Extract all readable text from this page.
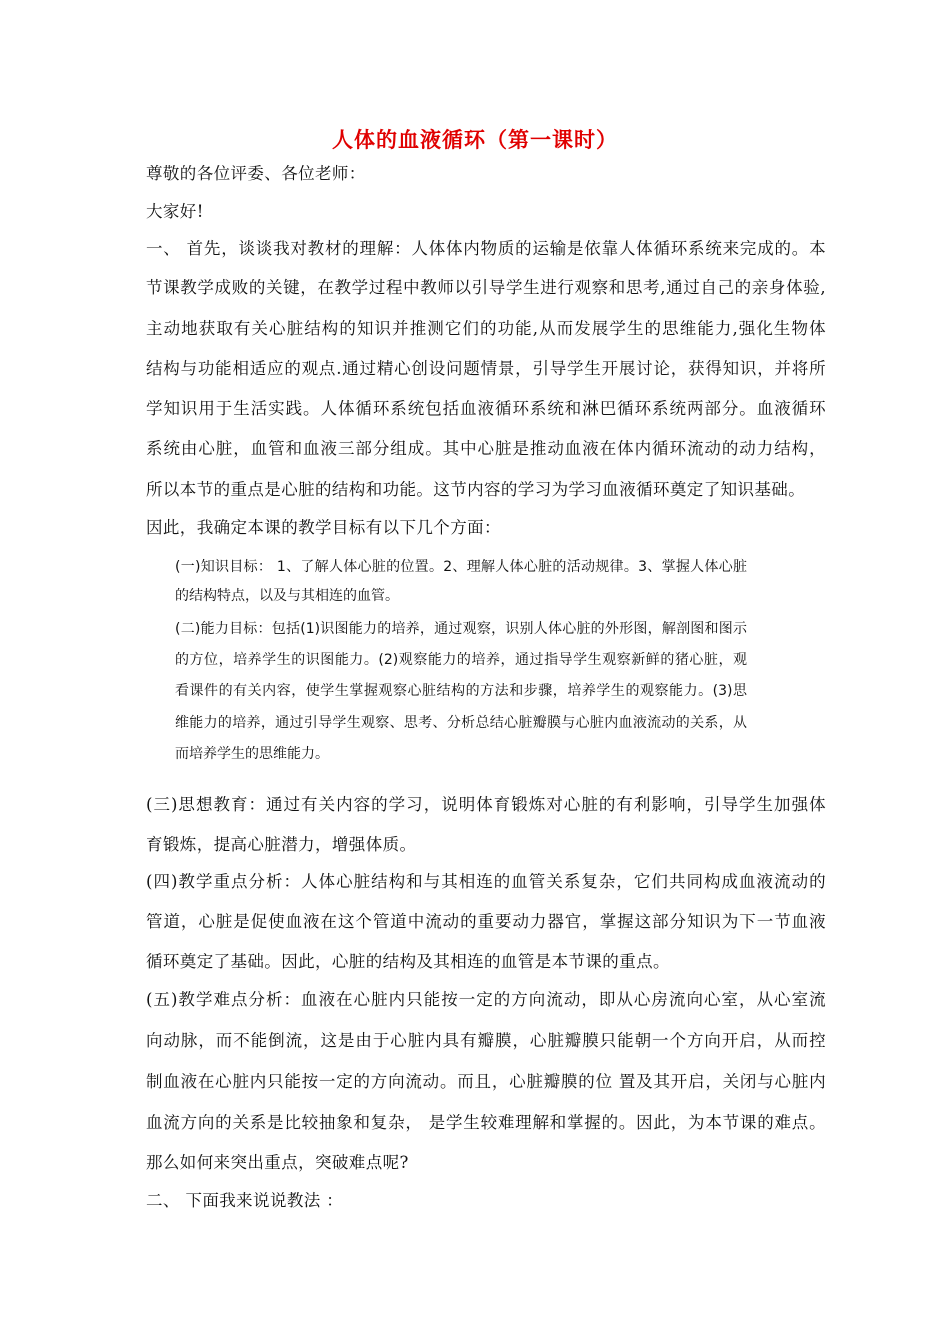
人体的血液循环（第一课时）
尊敬的各位评委、各位老师：
大家好!
一、 首先，谈谈我对教材的理解：人体体内物质的运输是依靠人体循环系统来完成的。本
节课教学成败的关键，在教学过程中教师以引导学生进行观察和思考,通过自己的亲身体验,
主动地获取有关心脏结构的知识并推测它们的功能,从而发展学生的思维能力,强化生物体
结构与功能相适应的观点.通过精心创设问题情景，引导学生开展讨论，获得知识，并将所
学知识用于生活实践。人体循环系统包括血液循环系统和淋巴循环系统两部分。血液循环
系统由心脏，血管和血液三部分组成。其中心脏是推动血液在体内循环流动的动力结构，
所以本节的重点是心脏的结构和功能。这节内容的学习为学习血液循环奠定了知识基础。
因此，我确定本课的教学目标有以下几个方面：
(一)知识目标： 1、了解人体心脏的位置。2、理解人体心脏的活动规律。3、掌握人体心脏
的结构特点，以及与其相连的血管。
(二)能力目标：包括(1)识图能力的培养，通过观察，识别人体心脏的外形图，解剖图和图示
的方位，培养学生的识图能力。(2)观察能力的培养，通过指导学生观察新鲜的猪心脏，观
看课件的有关内容，使学生掌握观察心脏结构的方法和步骤，培养学生的观察能力。(3)思
维能力的培养，通过引导学生观察、思考、分析总结心脏瓣膜与心脏内血液流动的关系，从
而培养学生的思维能力。
(三)思想教育：通过有关内容的学习，说明体育锻炼对心脏的有利影响，引导学生加强体
育锻炼，提高心脏潜力，增强体质。
(四)教学重点分析：人体心脏结构和与其相连的血管关系复杂，它们共同构成血液流动的
管道，心脏是促使血液在这个管道中流动的重要动力器官，掌握这部分知识为下一节血液
循环奠定了基础。因此，心脏的结构及其相连的血管是本节课的重点。
(五)教学难点分析：血液在心脏内只能按一定的方向流动，即从心房流向心室，从心室流
向动脉，而不能倒流，这是由于心脏内具有瓣膜，心脏瓣膜只能朝一个方向开启，从而控
制血液在心脏内只能按一定的方向流动。而且，心脏瓣膜的位 置及其开启，关闭与心脏内
血流方向的关系是比较抽象和复杂， 是学生较难理解和掌握的。因此，为本节课的难点。
那么如何来突出重点，突破难点呢?
二、 下面我来说说教法 ：
